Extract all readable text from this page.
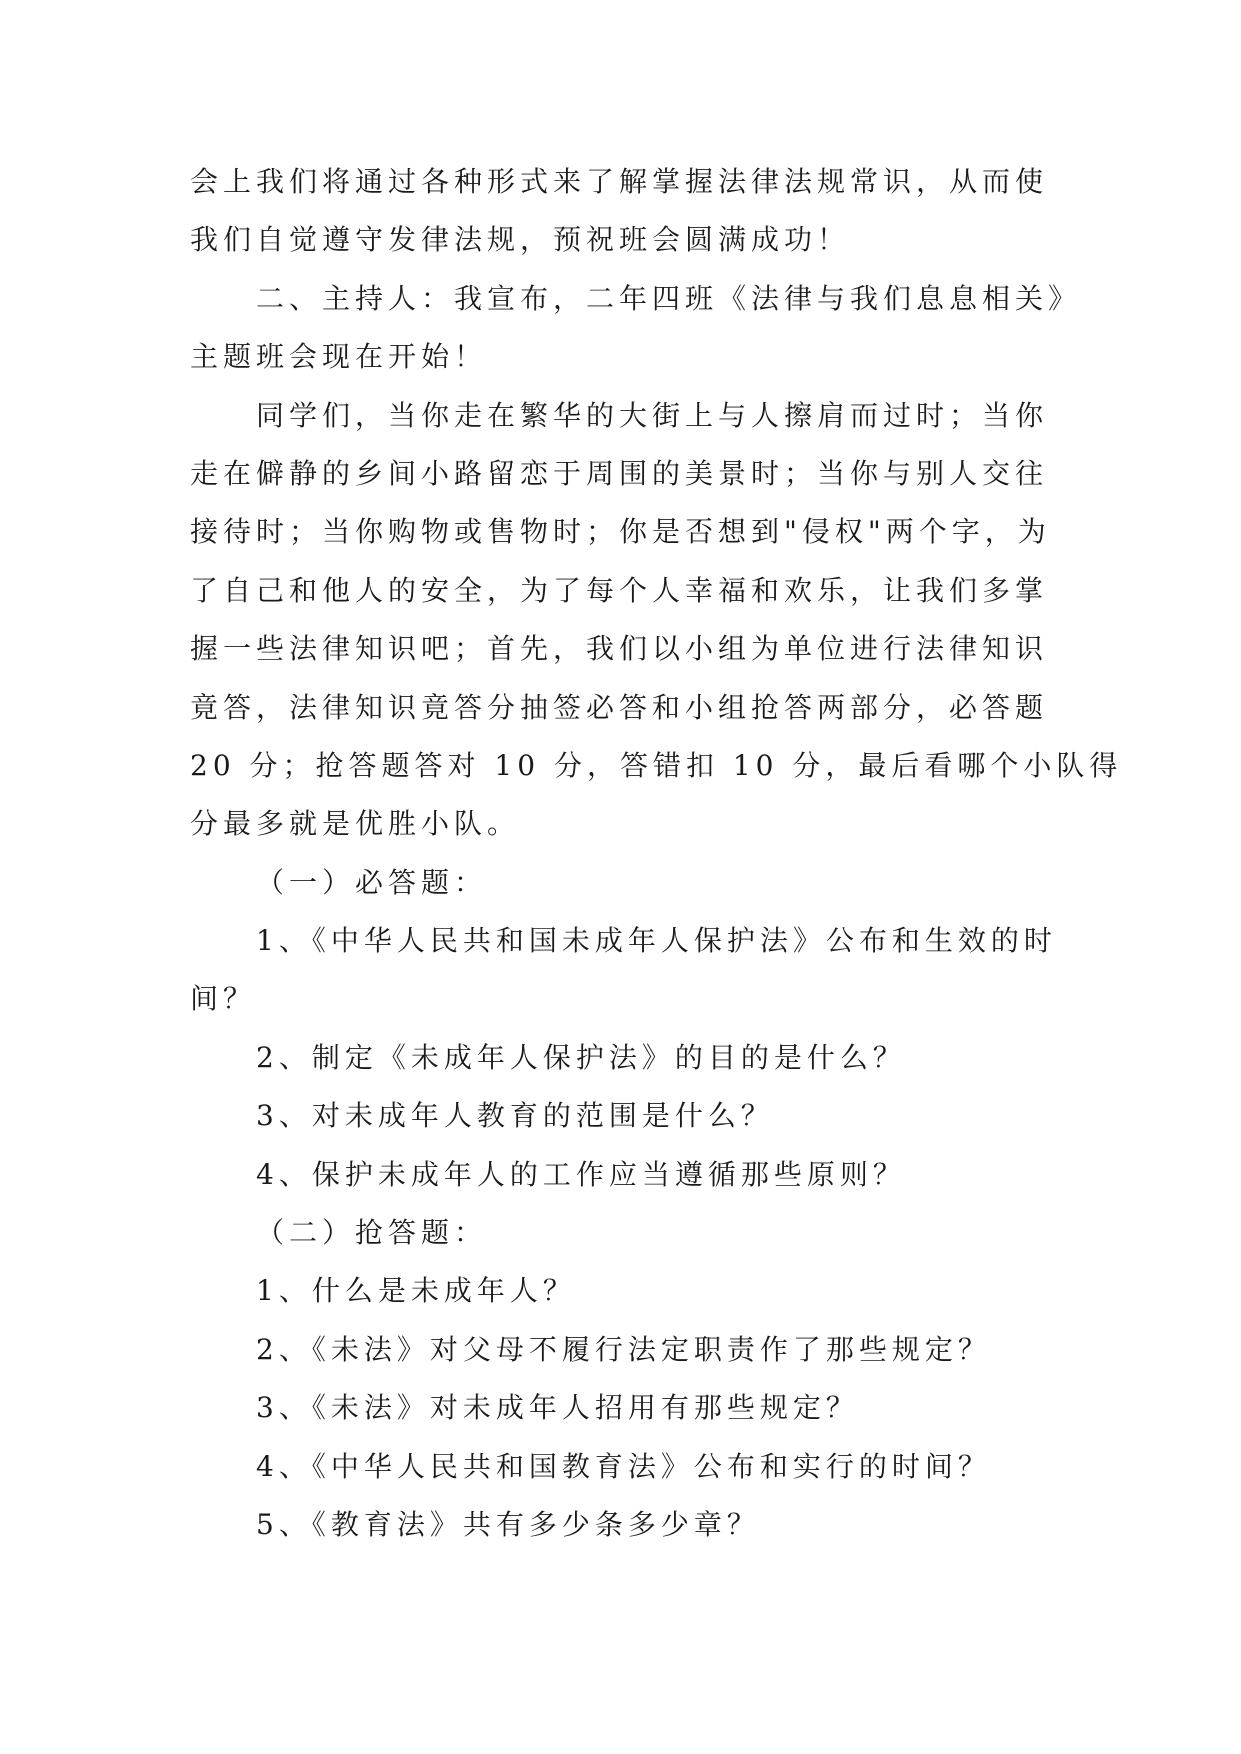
会上我们将通过各种形式来了解掌握法律法规常识，从而使
我们自觉遵守发律法规，预祝班会圆满成功！
二、主持人：我宣布，二年四班《法律与我们息息相关》
主题班会现在开始！
同学们，当你走在繁华的大街上与人擦肩而过时；当你
走在僻静的乡间小路留恋于周围的美景时；当你与别人交往
接待时；当你购物或售物时；你是否想到"侵权"两个字，为
了自己和他人的安全，为了每个人幸福和欢乐，让我们多掌
握一些法律知识吧；首先，我们以小组为单位进行法律知识
竟答，法律知识竟答分抽签必答和小组抢答两部分，必答题
20 分；抢答题答对 10 分，答错扣 10 分，最后看哪个小队得
分最多就是优胜小队。
（一）必答题：
1、《中华人民共和国未成年人保护法》公布和生效的时
间？
2、制定《未成年人保护法》的目的是什么？
3、对未成年人教育的范围是什么？
4、保护未成年人的工作应当遵循那些原则？
（二）抢答题：
1、什么是未成年人？
2、《未法》对父母不履行法定职责作了那些规定？
3、《未法》对未成年人招用有那些规定？
4、《中华人民共和国教育法》公布和实行的时间？
5、《教育法》共有多少条多少章？
